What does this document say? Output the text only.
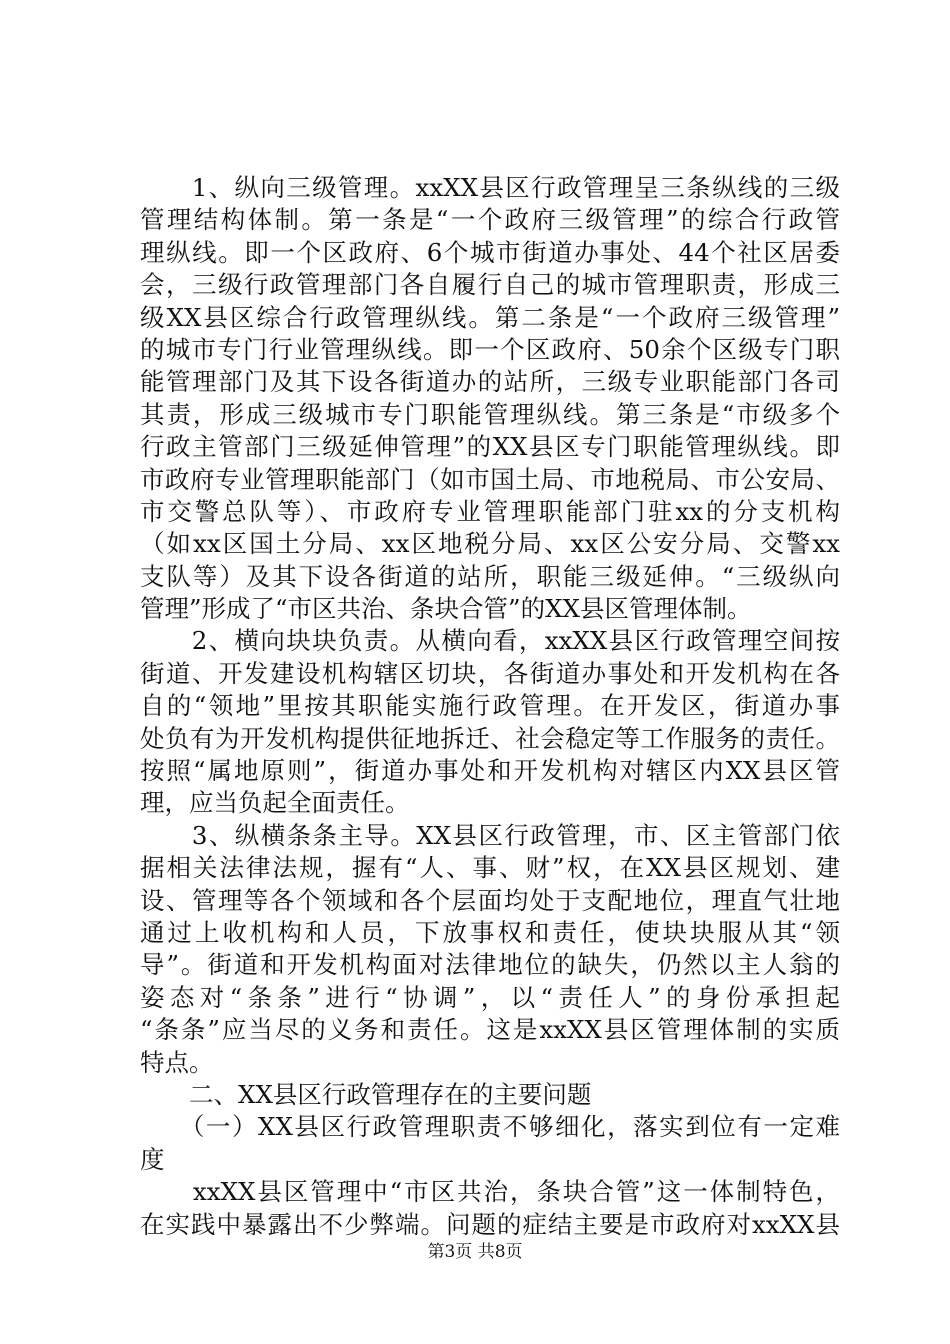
　　1、纵向三级管理。xxXX县区行政管理呈三条纵线的三级
管理结构体制。第一条是“一个政府三级管理”的综合行政管
理纵线。即一个区政府、6个城市街道办事处、44个社区居委
会，三级行政管理部门各自履行自己的城市管理职责，形成三
级XX县区综合行政管理纵线。第二条是“一个政府三级管理”
的城市专门行业管理纵线。即一个区政府、50余个区级专门职
能管理部门及其下设各街道办的站所，三级专业职能部门各司
其责，形成三级城市专门职能管理纵线。第三条是“市级多个
行政主管部门三级延伸管理”的XX县区专门职能管理纵线。即
市政府专业管理职能部门（如市国土局、市地税局、市公安局、
市交警总队等）、市政府专业管理职能部门驻xx的分支机构
（如xx区国土分局、xx区地税分局、xx区公安分局、交警xx
支队等）及其下设各街道的站所，职能三级延伸。“三级纵向
管理”形成了“市区共治、条块合管”的XX县区管理体制。
　　2、横向块块负责。从横向看，xxXX县区行政管理空间按
街道、开发建设机构辖区切块，各街道办事处和开发机构在各
自的“领地”里按其职能实施行政管理。在开发区，街道办事
处负有为开发机构提供征地拆迁、社会稳定等工作服务的责任。
按照“属地原则”，街道办事处和开发机构对辖区内XX县区管
理，应当负起全面责任。
　　3、纵横条条主导。XX县区行政管理，市、区主管部门依
据相关法律法规，握有“人、事、财”权，在XX县区规划、建
设、管理等各个领域和各个层面均处于支配地位，理直气壮地
通过上收机构和人员，下放事权和责任，使块块服从其“领
导”。街道和开发机构面对法律地位的缺失，仍然以主人翁的
姿态对“条条”进行“协调”，以“责任人”的身份承担起
“条条”应当尽的义务和责任。这是xxXX县区管理体制的实质
特点。
　　二、XX县区行政管理存在的主要问题
　　（一）XX县区行政管理职责不够细化，落实到位有一定难
度
　　xxXX县区管理中“市区共治，条块合管”这一体制特色，
在实践中暴露出不少弊端。问题的症结主要是市政府对xxXX县
第3页 共8页
